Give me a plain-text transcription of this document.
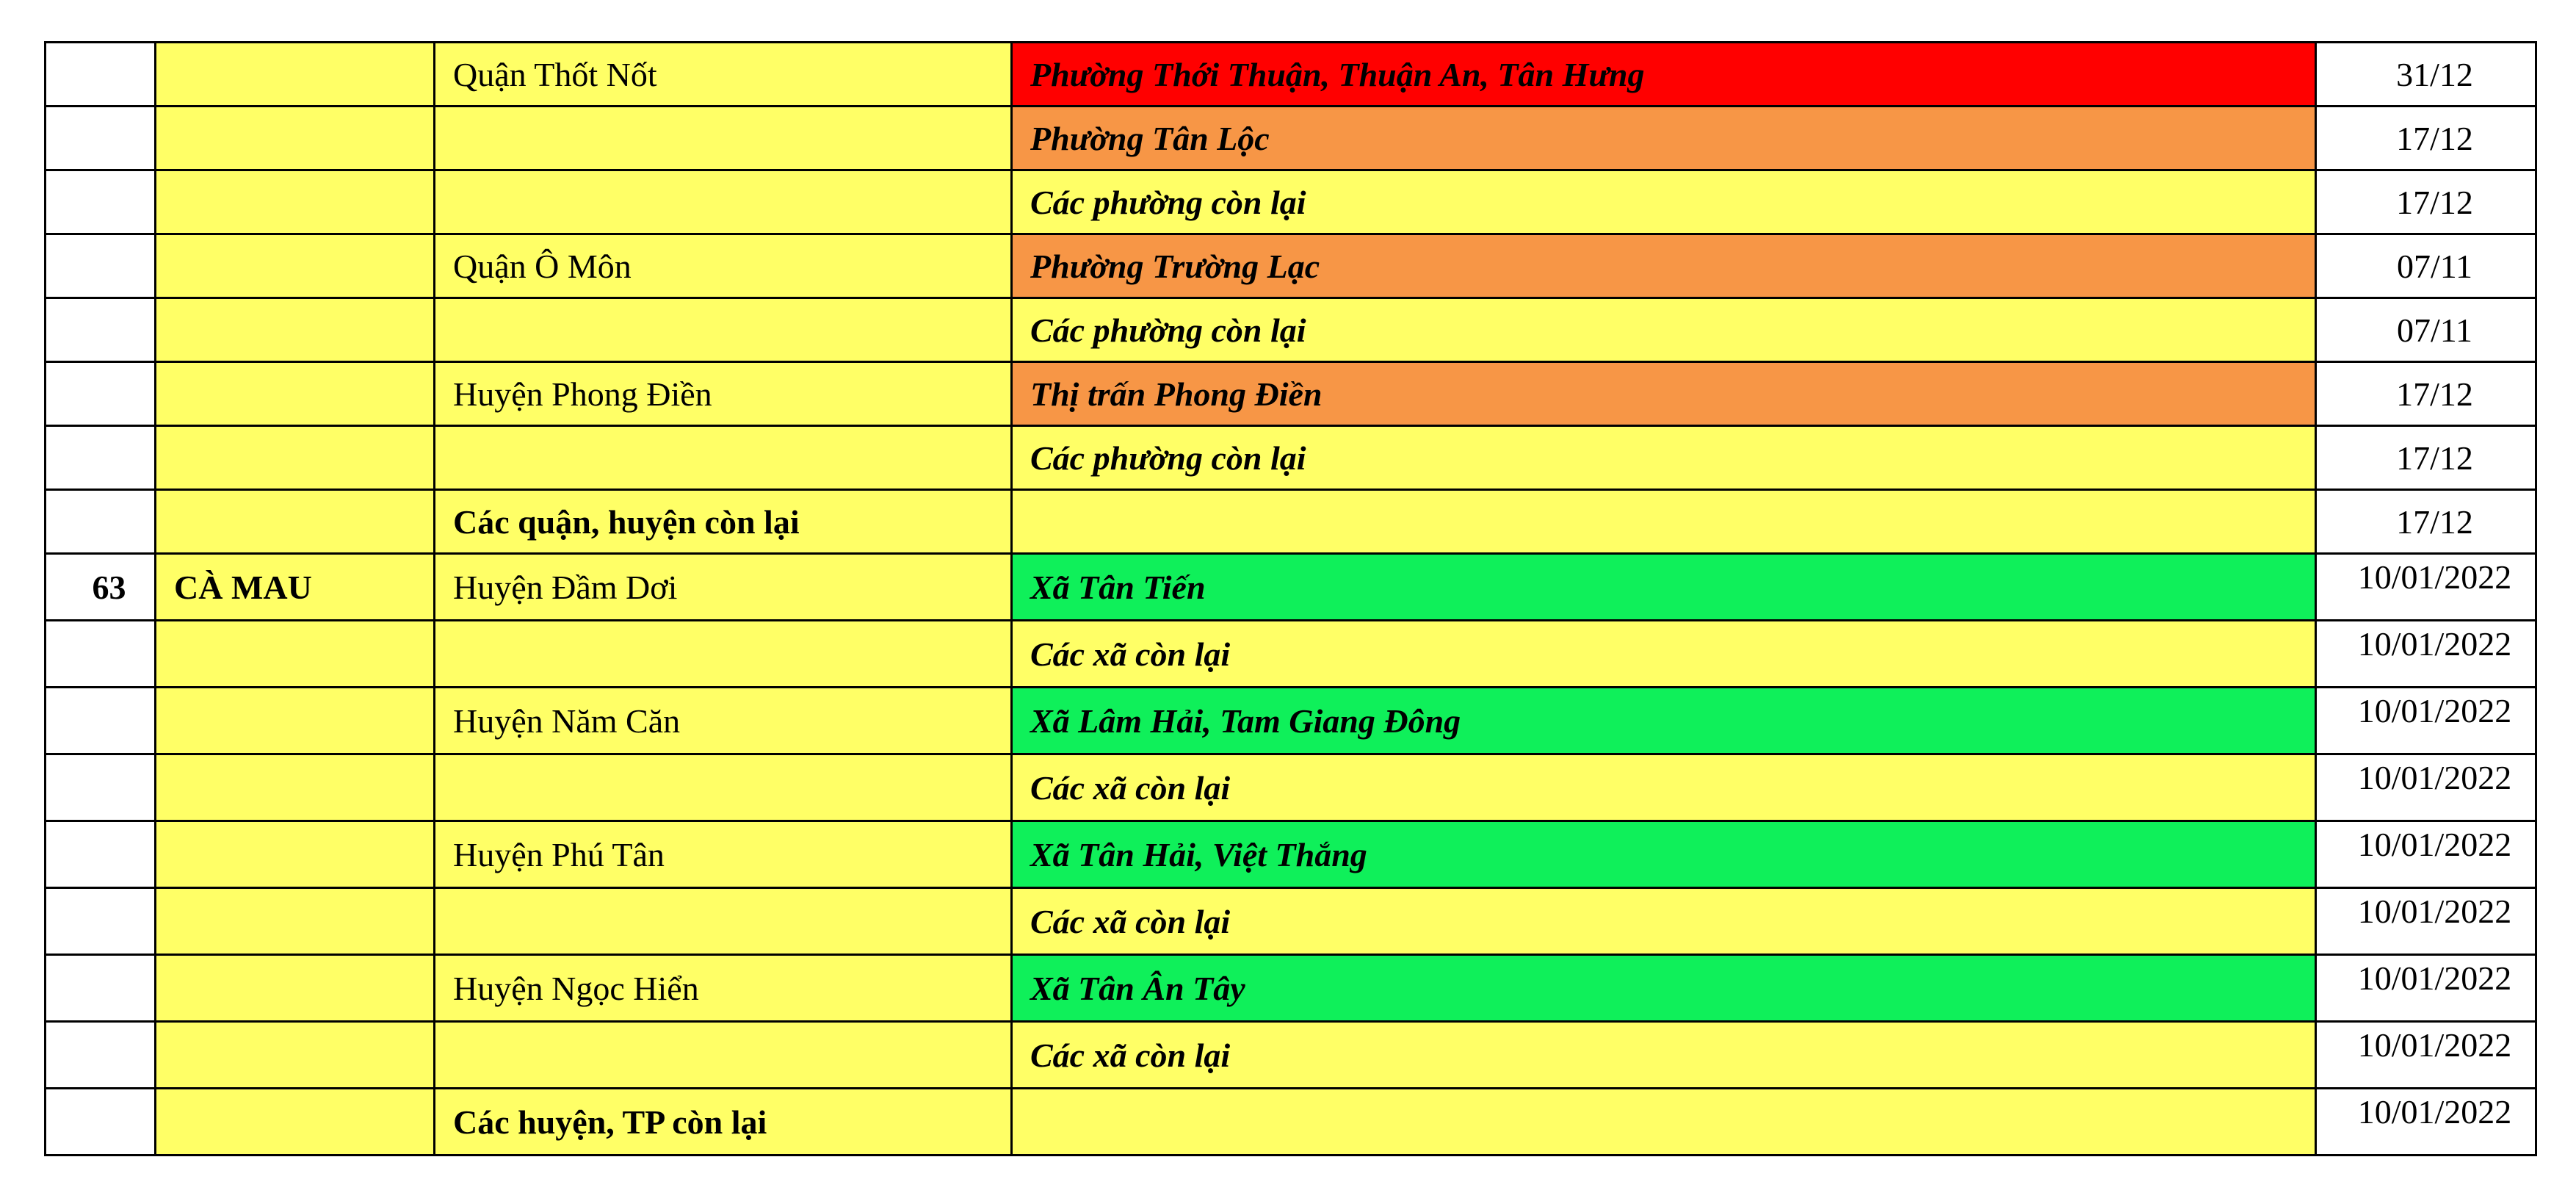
		Quận Thốt Nốt	Phường Thới Thuận, Thuận An, Tân Hưng	31/12
			Phường Tân Lộc	17/12
			Các phường còn lại	17/12
		Quận Ô Môn	Phường Trường Lạc	07/11
			Các phường còn lại	07/11
		Huyện Phong Điền	Thị trấn Phong Điền	17/12
			Các phường còn lại	17/12
		Các quận, huyện còn lại		17/12
63	CÀ MAU	Huyện Đầm Dơi	Xã Tân Tiến	10/01/2022
			Các xã còn lại	10/01/2022
		Huyện Năm Căn	Xã Lâm Hải, Tam Giang Đông	10/01/2022
			Các xã còn lại	10/01/2022
		Huyện Phú Tân	Xã Tân Hải, Việt Thắng	10/01/2022
			Các xã còn lại	10/01/2022
		Huyện Ngọc Hiển	Xã Tân Ân Tây	10/01/2022
			Các xã còn lại	10/01/2022
		Các huyện, TP còn lại		10/01/2022
